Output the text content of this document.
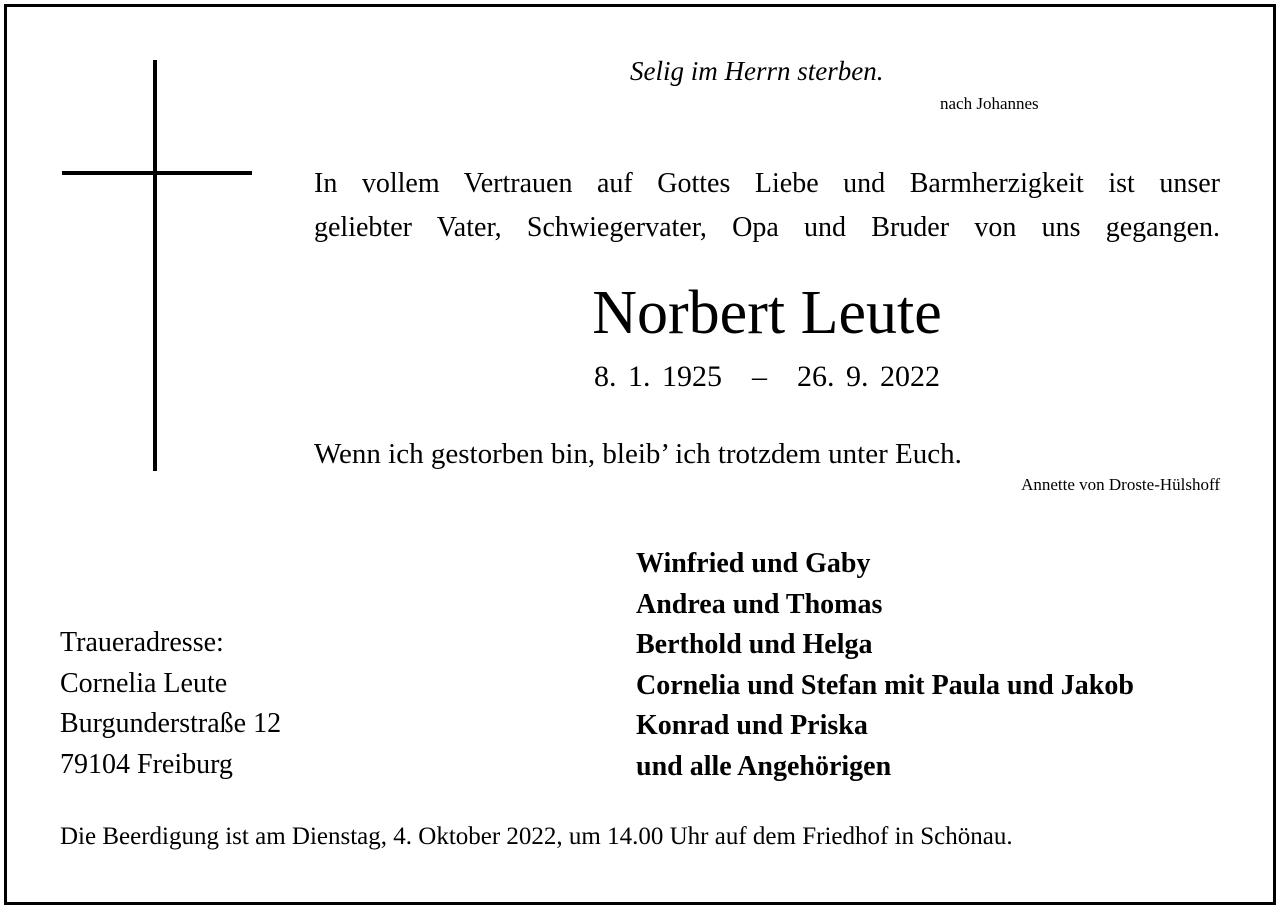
Selig im Herrn sterben.
nach Johannes
In vollem Vertrauen auf Gottes Liebe und Barmherzigkeit ist unser
geliebter Vater, Schwiegervater, Opa und Bruder von uns gegangen.
Norbert Leute
8. 1. 1925 – 26. 9. 2022
Wenn ich gestorben bin, bleib’ ich trotzdem unter Euch.
Annette von Droste-Hülshoff
Winfried und Gaby
Andrea und Thomas
Berthold und Helga
Cornelia und Stefan mit Paula und Jakob
Konrad und Priska
und alle Angehörigen
Traueradresse:
Cornelia Leute
Burgunderstraße 12
79104 Freiburg
Die Beerdigung ist am Dienstag, 4. Oktober 2022, um 14.00 Uhr auf dem Friedhof in Schönau.
